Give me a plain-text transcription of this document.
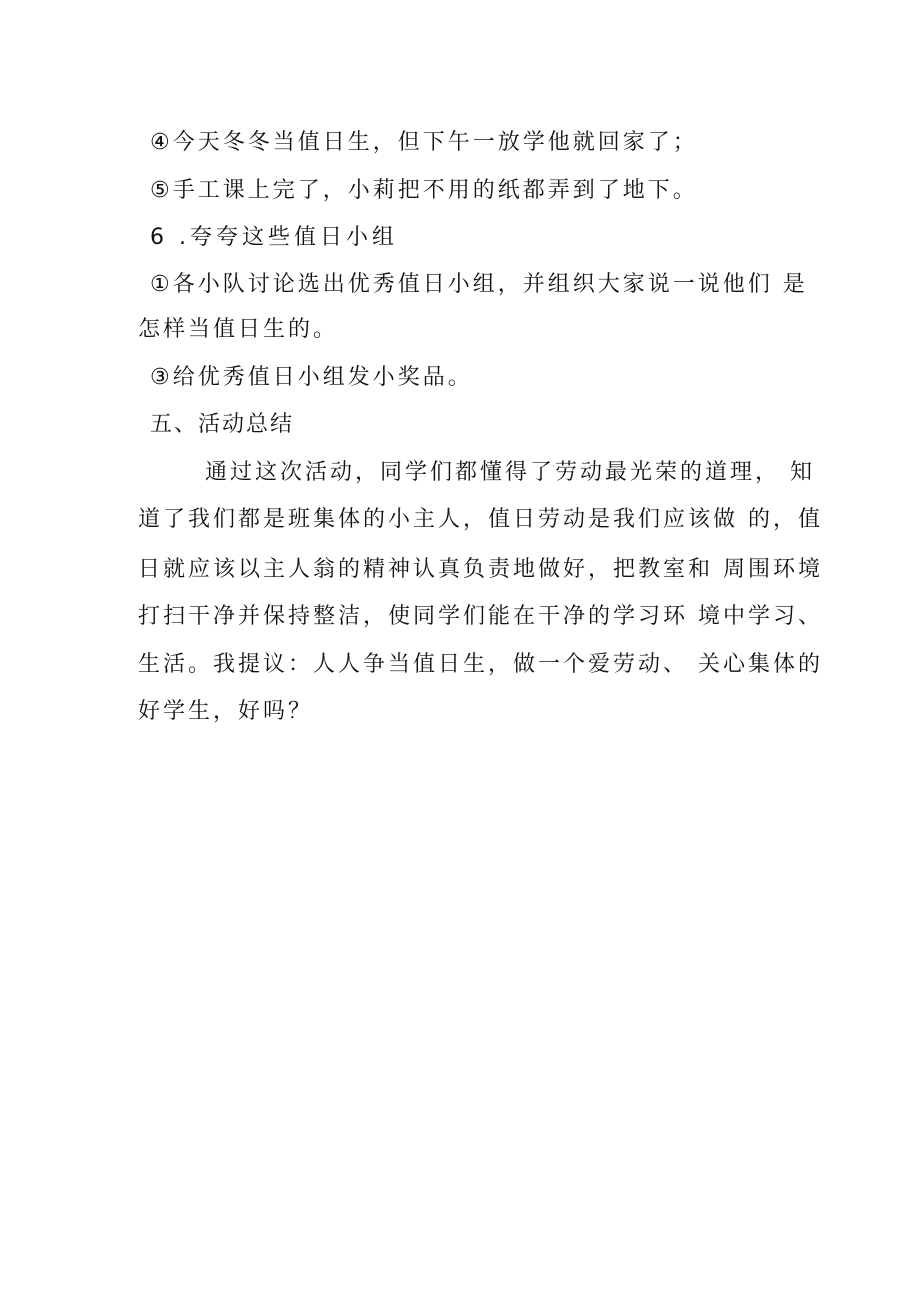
④今天冬冬当值日生，但下午一放学他就回家了；
⑤手工课上完了，小莉把不用的纸都弄到了地下。
6 .夸夸这些值日小组
①各小队讨论选出优秀值日小组，并组织大家说一说他们 是
怎样当值日生的。
③给优秀值日小组发小奖品。
五、活动总结
通过这次活动，同学们都懂得了劳动最光荣的道理， 知
道了我们都是班集体的小主人，值日劳动是我们应该做 的，值
日就应该以主人翁的精神认真负责地做好，把教室和 周围环境
打扫干净并保持整洁，使同学们能在干净的学习环 境中学习、
生活。我提议：人人争当值日生，做一个爱劳动、 关心集体的
好学生，好吗？
